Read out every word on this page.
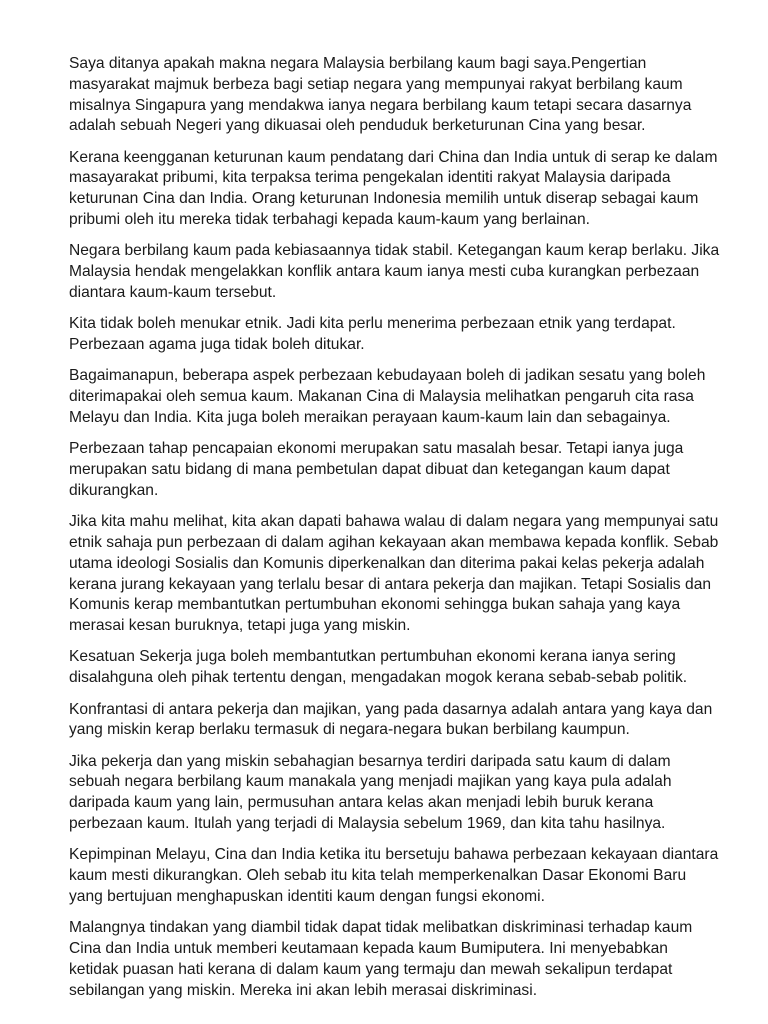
Saya ditanya apakah makna negara Malaysia berbilang kaum bagi saya.Pengertian
masyarakat majmuk berbeza bagi setiap negara yang mempunyai rakyat berbilang kaum
misalnya Singapura yang mendakwa ianya negara berbilang kaum tetapi secara dasarnya
adalah sebuah Negeri yang dikuasai oleh penduduk berketurunan Cina yang besar.

Kerana keengganan keturunan kaum pendatang dari China dan India untuk di serap ke dalam
masayarakat pribumi, kita terpaksa terima pengekalan identiti rakyat Malaysia daripada
keturunan Cina dan India. Orang keturunan Indonesia memilih untuk diserap sebagai kaum
pribumi oleh itu mereka tidak terbahagi kepada kaum-kaum yang berlainan.

Negara berbilang kaum pada kebiasaannya tidak stabil. Ketegangan kaum kerap berlaku. Jika
Malaysia hendak mengelakkan konflik antara kaum ianya mesti cuba kurangkan perbezaan
diantara kaum-kaum tersebut.

Kita tidak boleh menukar etnik. Jadi kita perlu menerima perbezaan etnik yang terdapat.
Perbezaan agama juga tidak boleh ditukar.

Bagaimanapun, beberapa aspek perbezaan kebudayaan boleh di jadikan sesatu yang boleh
diterimapakai oleh semua kaum. Makanan Cina di Malaysia melihatkan pengaruh cita rasa
Melayu dan India. Kita juga boleh meraikan perayaan kaum-kaum lain dan sebagainya.

Perbezaan tahap pencapaian ekonomi merupakan satu masalah besar. Tetapi ianya juga
merupakan satu bidang di mana pembetulan dapat dibuat dan ketegangan kaum dapat
dikurangkan.

Jika kita mahu melihat, kita akan dapati bahawa walau di dalam negara yang mempunyai satu
etnik sahaja pun perbezaan di dalam agihan kekayaan akan membawa kepada konflik. Sebab
utama ideologi Sosialis dan Komunis diperkenalkan dan diterima pakai kelas pekerja adalah
kerana jurang kekayaan yang terlalu besar di antara pekerja dan majikan. Tetapi Sosialis dan
Komunis kerap membantutkan pertumbuhan ekonomi sehingga bukan sahaja yang kaya
merasai kesan buruknya, tetapi juga yang miskin.

Kesatuan Sekerja juga boleh membantutkan pertumbuhan ekonomi kerana ianya sering
disalahguna oleh pihak tertentu dengan, mengadakan mogok kerana sebab-sebab politik.

Konfrantasi di antara pekerja dan majikan, yang pada dasarnya adalah antara yang kaya dan
yang miskin kerap berlaku termasuk di negara-negara bukan berbilang kaumpun.

Jika pekerja dan yang miskin sebahagian besarnya terdiri daripada satu kaum di dalam
sebuah negara berbilang kaum manakala yang menjadi majikan yang kaya pula adalah
daripada kaum yang lain, permusuhan antara kelas akan menjadi lebih buruk kerana
perbezaan kaum. Itulah yang terjadi di Malaysia sebelum 1969, dan kita tahu hasilnya.

Kepimpinan Melayu, Cina dan India ketika itu bersetuju bahawa perbezaan kekayaan diantara
kaum mesti dikurangkan. Oleh sebab itu kita telah memperkenalkan Dasar Ekonomi Baru
yang bertujuan menghapuskan identiti kaum dengan fungsi ekonomi.

Malangnya tindakan yang diambil tidak dapat tidak melibatkan diskriminasi terhadap kaum
Cina dan India untuk memberi keutamaan kepada kaum Bumiputera. Ini menyebabkan
ketidak puasan hati kerana di dalam kaum yang termaju dan mewah sekalipun terdapat
sebilangan yang miskin. Mereka ini akan lebih merasai diskriminasi.
